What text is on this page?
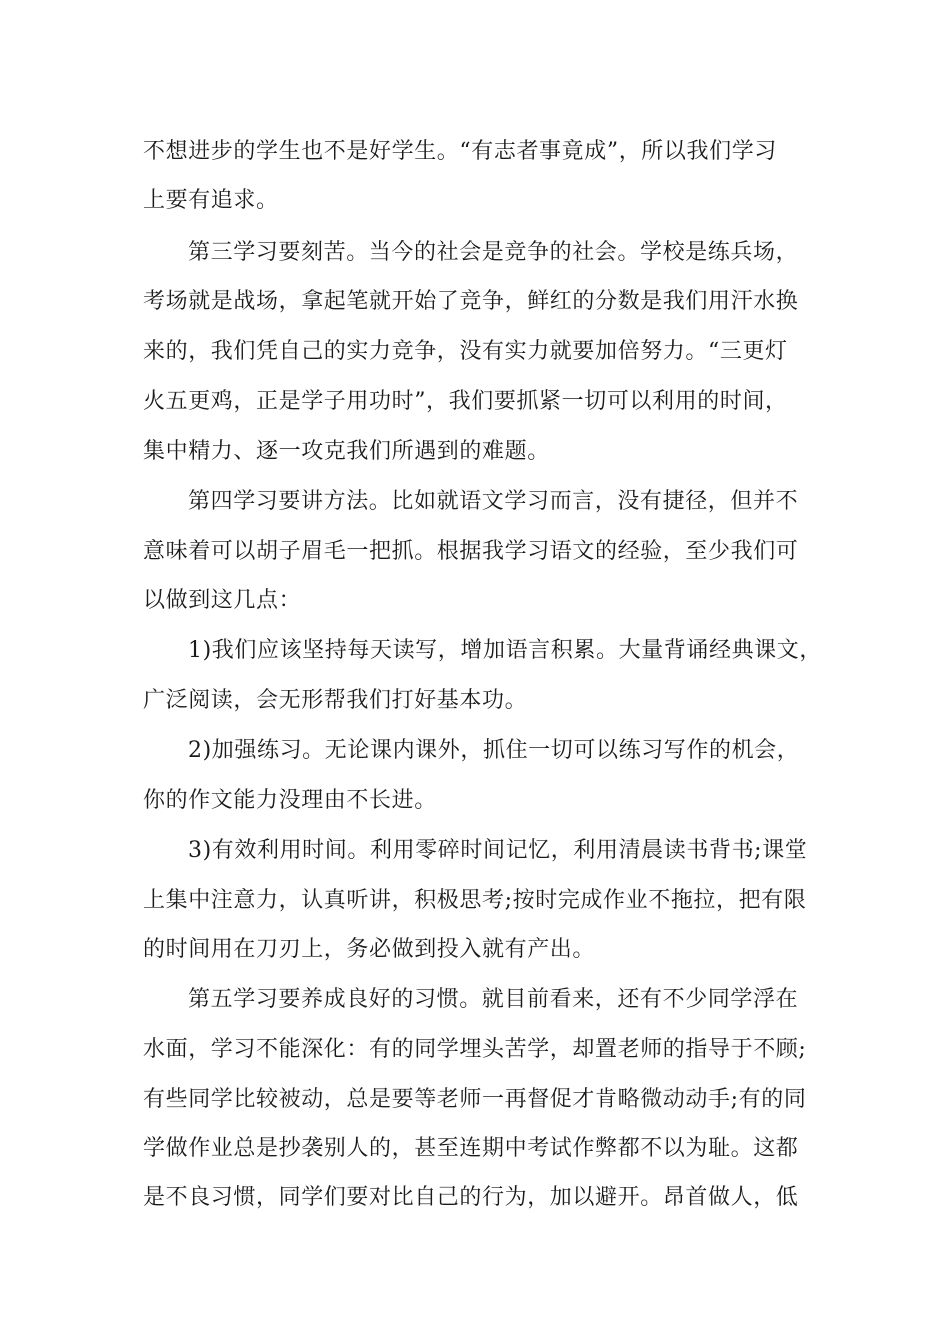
不想进步的学生也不是好学生。“有志者事竟成”，所以我们学习
上要有追求。
第三学习要刻苦。当今的社会是竞争的社会。学校是练兵场，
考场就是战场，拿起笔就开始了竞争，鲜红的分数是我们用汗水换
来的，我们凭自己的实力竞争，没有实力就要加倍努力。“三更灯
火五更鸡，正是学子用功时”，我们要抓紧一切可以利用的时间，
集中精力、逐一攻克我们所遇到的难题。
第四学习要讲方法。比如就语文学习而言，没有捷径，但并不
意味着可以胡子眉毛一把抓。根据我学习语文的经验，至少我们可
以做到这几点：
1)我们应该坚持每天读写，增加语言积累。大量背诵经典课文，
广泛阅读，会无形帮我们打好基本功。
2)加强练习。无论课内课外，抓住一切可以练习写作的机会，
你的作文能力没理由不长进。
3)有效利用时间。利用零碎时间记忆，利用清晨读书背书;课堂
上集中注意力，认真听讲，积极思考;按时完成作业不拖拉，把有限
的时间用在刀刃上，务必做到投入就有产出。
第五学习要养成良好的习惯。就目前看来，还有不少同学浮在
水面，学习不能深化：有的同学埋头苦学，却置老师的指导于不顾;
有些同学比较被动，总是要等老师一再督促才肯略微动动手;有的同
学做作业总是抄袭别人的，甚至连期中考试作弊都不以为耻。这都
是不良习惯，同学们要对比自己的行为，加以避开。昂首做人，低
